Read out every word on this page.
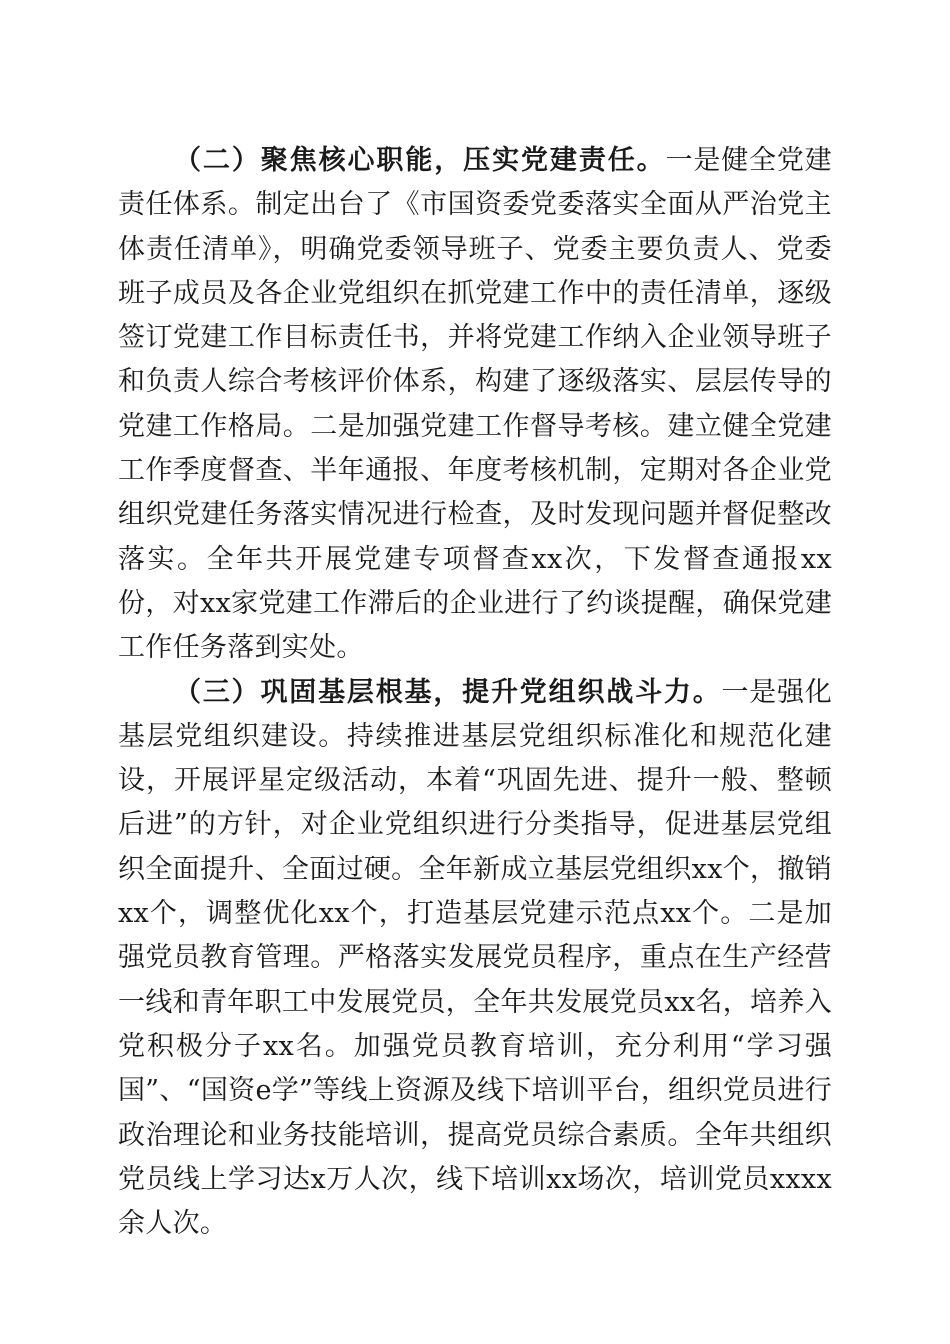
（二）聚焦核心职能，压实党建责任。一是健全党建责任体系。制定出台了《市国资委党委落实全面从严治党主体责任清单》，明确党委领导班子、党委主要负责人、党委班子成员及各企业党组织在抓党建工作中的责任清单，逐级签订党建工作目标责任书，并将党建工作纳入企业领导班子和负责人综合考核评价体系，构建了逐级落实、层层传导的党建工作格局。二是加强党建工作督导考核。建立健全党建工作季度督查、半年通报、年度考核机制，定期对各企业党组织党建任务落实情况进行检查，及时发现问题并督促整改落实。全年共开展党建专项督查xx次，下发督查通报xx份，对xx家党建工作滞后的企业进行了约谈提醒，确保党建工作任务落到实处。

（三）巩固基层根基，提升党组织战斗力。一是强化基层党组织建设。持续推进基层党组织标准化和规范化建设，开展评星定级活动，本着“巩固先进、提升一般、整顿后进”的方针，对企业党组织进行分类指导，促进基层党组织全面提升、全面过硬。全年新成立基层党组织xx个，撤销xx个，调整优化xx个，打造基层党建示范点xx个。二是加强党员教育管理。严格落实发展党员程序，重点在生产经营一线和青年职工中发展党员，全年共发展党员xx名，培养入党积极分子xx名。加强党员教育培训，充分利用“学习强国”、“国资e学”等线上资源及线下培训平台，组织党员进行政治理论和业务技能培训，提高党员综合素质。全年共组织党员线上学习达x万人次，线下培训xx场次，培训党员xxxx余人次。
